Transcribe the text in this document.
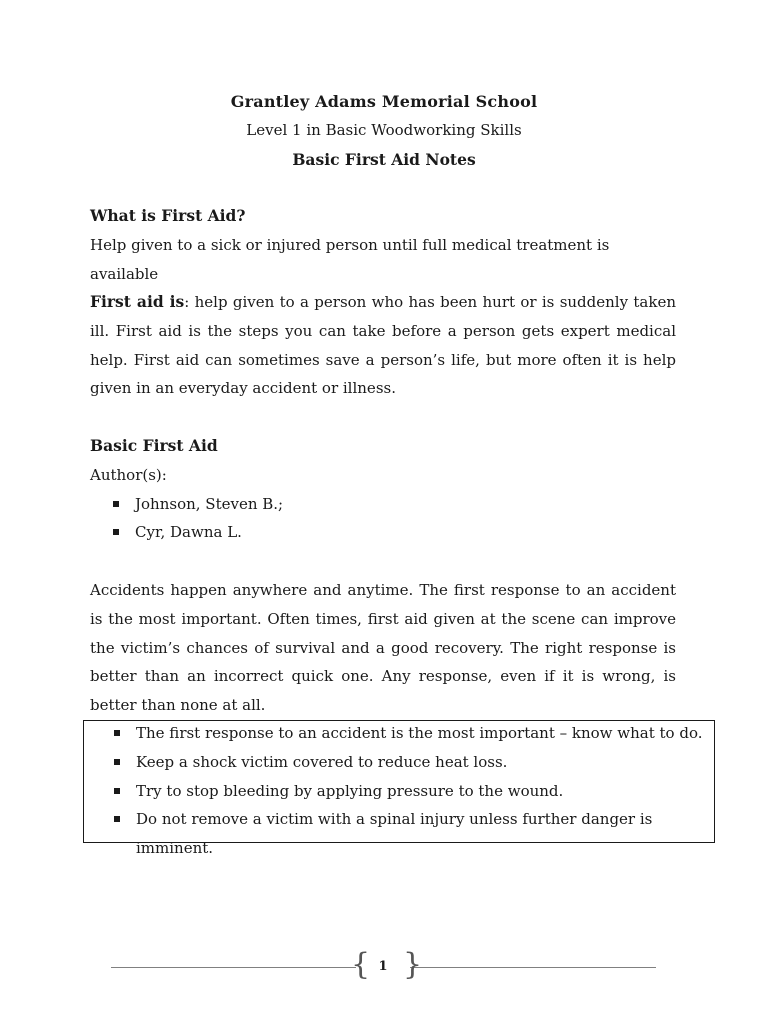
Grantley Adams Memorial School
Level 1 in Basic Woodworking Skills
Basic First Aid Notes
What is First Aid?
Help given to a sick or injured person until full medical treatment is available
First aid is: help given to a person who has been hurt or is suddenly taken ill. First aid is the steps you can take before a person gets expert medical help. First aid can sometimes save a person’s life, but more often it is help given in an everyday accident or illness.
Basic First Aid
Author(s):
Johnson, Steven B.;
Cyr, Dawna L.
Accidents happen anywhere and anytime. The first response to an accident is the most important. Often times, first aid given at the scene can improve the victim’s chances of survival and a good recovery. The right response is better than an incorrect quick one. Any response, even if it is wrong, is better than none at all.
The first response to an accident is the most important – know what to do.
Keep a shock victim covered to reduce heat loss.
Try to stop bleeding by applying pressure to the wound.
Do not remove a victim with a spinal injury unless further danger is imminent.
{ }
1
